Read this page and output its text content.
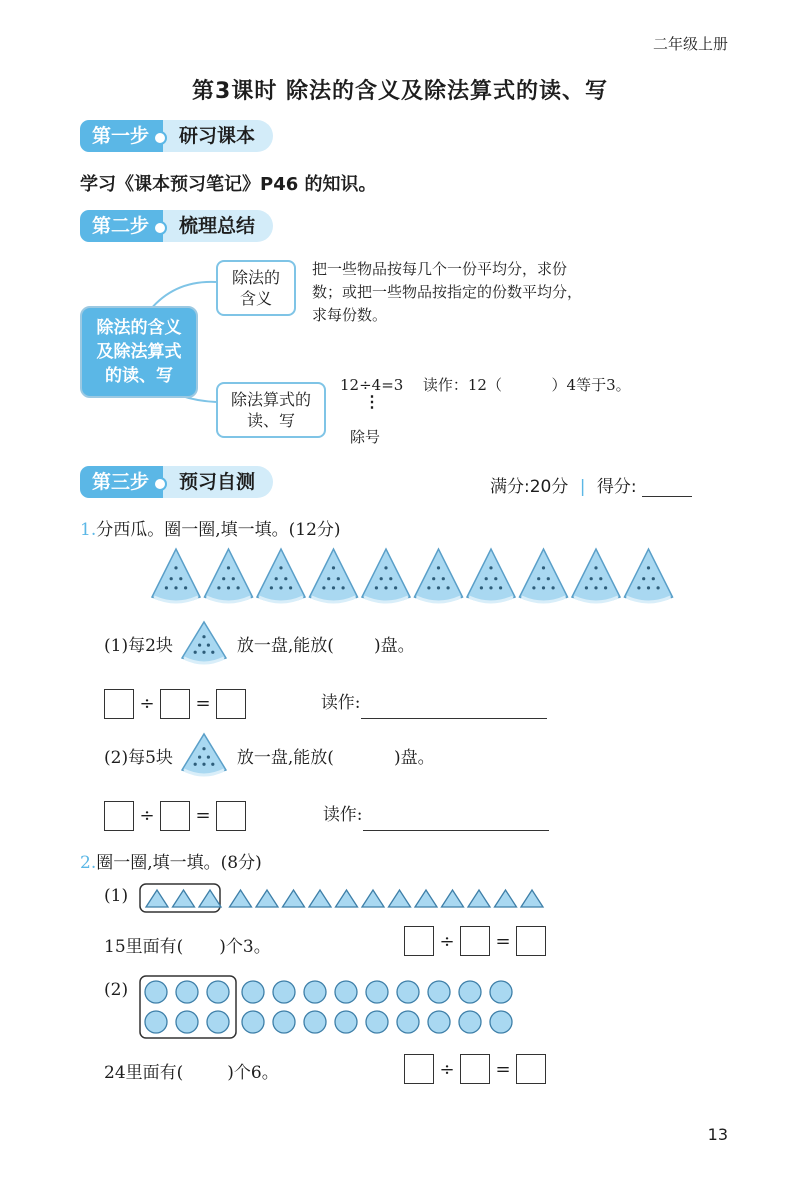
二年级上册
第3课时 除法的含义及除法算式的读、写
第一步	研习课本
学习《课本预习笔记》P46 的知识。
第二步	梳理总结
除法的含义
及除法算式
的读、写
除法的
含义
把一些物品按每几个一份平均分，求份
数；或把一些物品按指定的份数平均分，
求每份数。
除法算式的
读、写
12÷4=3 读作：12（	）4等于3。
⋮
除号
第三步	预习自测	满分:20分 | 得分:
1.分西瓜。圈一圈,填一填。(12分)
(1)每2块	放一盘,能放( )盘。
÷ =	读作:
(2)每5块	放一盘,能放(	)盘。
÷ =	读作:
2.圈一圈,填一填。(8分)
(1)
15里面有( )个3。	÷ =
(2)
24里面有(	)个6。	÷ =
13
